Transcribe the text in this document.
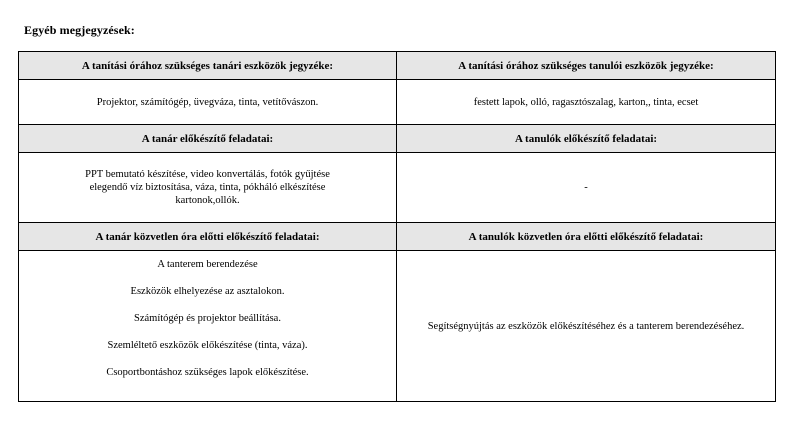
Egyéb megjegyzések:
A tanítási órához szükséges tanári eszközök jegyzéke:	A tanítási órához szükséges tanulói eszközök jegyzéke:
Projektor, számítógép, üvegváza, tinta, vetítővászon.	festett lapok, olló, ragasztószalag, karton,, tinta, ecset
A tanár előkészítő feladatai:	A tanulók előkészítő feladatai:

PPT bemutató készítése, video konvertálás, fotók gyűjtése

elegendő víz biztosítása, váza, tinta, pókháló elkészítése

kartonok,ollók.	-
A tanár közvetlen óra előtti előkészítő feladatai:	A tanulók közvetlen óra előtti előkészítő feladatai:

A tanterem berendezése

Eszközök elhelyezése az asztalokon.

Számítógép és projektor beállítása.

Szemléltető eszközök előkészítése (tinta, váza).

Csoportbontáshoz szükséges lapok előkészítése.	Segítségnyújtás az eszközök előkészítéséhez és a tanterem berendezéséhez.
